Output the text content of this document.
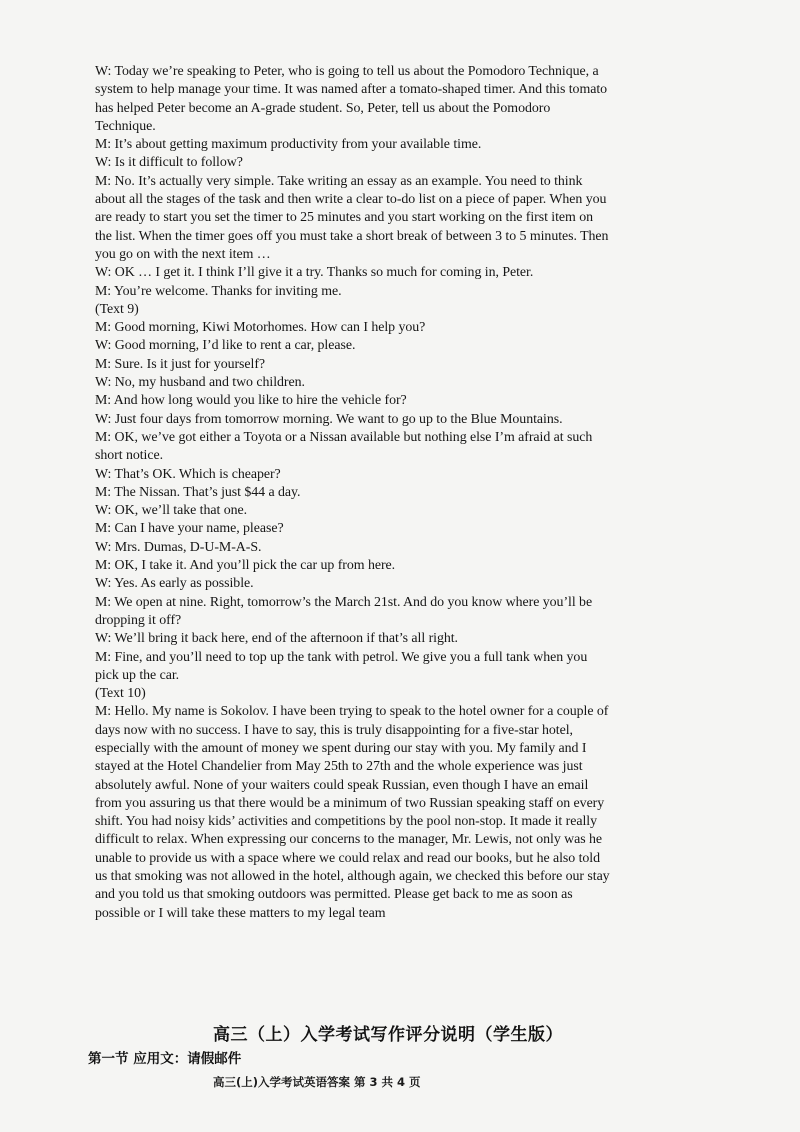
W: Today we’re speaking to Peter, who is going to tell us about the Pomodoro Technique, a

system to help manage your time. It was named after a tomato-shaped timer. And this tomato

has helped Peter become an A-grade student. So, Peter, tell us about the Pomodoro

Technique.

M: It’s about getting maximum productivity from your available time.

W: Is it difficult to follow?

M: No. It’s actually very simple. Take writing an essay as an example. You need to think

about all the stages of the task and then write a clear to-do list on a piece of paper. When you

are ready to start you set the timer to 25 minutes and you start working on the first item on

the list. When the timer goes off you must take a short break of between 3 to 5 minutes. Then

you go on with the next item …

W: OK … I get it. I think I’ll give it a try. Thanks so much for coming in, Peter.

M: You’re welcome. Thanks for inviting me.

(Text 9)

M: Good morning, Kiwi Motorhomes. How can I help you?

W: Good morning, I’d like to rent a car, please.

M: Sure. Is it just for yourself?

W: No, my husband and two children.

M: And how long would you like to hire the vehicle for?

W: Just four days from tomorrow morning. We want to go up to the Blue Mountains.

M: OK, we’ve got either a Toyota or a Nissan available but nothing else I’m afraid at such

short notice.

W: That’s OK. Which is cheaper?

M: The Nissan. That’s just $44 a day.

W: OK, we’ll take that one.

M: Can I have your name, please?

W: Mrs. Dumas, D-U-M-A-S.

M: OK, I take it. And you’ll pick the car up from here.

W: Yes. As early as possible.

M: We open at nine. Right, tomorrow’s the March 21st. And do you know where you’ll be

dropping it off?

W: We’ll bring it back here, end of the afternoon if that’s all right.

M: Fine, and you’ll need to top up the tank with petrol. We give you a full tank when you

pick up the car.

(Text 10)

M: Hello. My name is Sokolov. I have been trying to speak to the hotel owner for a couple of

days now with no success. I have to say, this is truly disappointing for a five-star hotel,

especially with the amount of money we spent during our stay with you. My family and I

stayed at the Hotel Chandelier from May 25th to 27th and the whole experience was just

absolutely awful. None of your waiters could speak Russian, even though I have an email

from you assuring us that there would be a minimum of two Russian speaking staff on every

shift. You had noisy kids’ activities and competitions by the pool non-stop. It made it really

difficult to relax. When expressing our concerns to the manager, Mr. Lewis, not only was he

unable to provide us with a space where we could relax and read our books, but he also told

us that smoking was not allowed in the hotel, although again, we checked this before our stay

and you told us that smoking outdoors was permitted. Please get back to me as soon as

possible or I will take these matters to my legal team

高三（上）入学考试写作评分说明（学生版）
第一节 应用文：请假邮件
高三(上)入学考试英语答案 第 3 共 4 页
